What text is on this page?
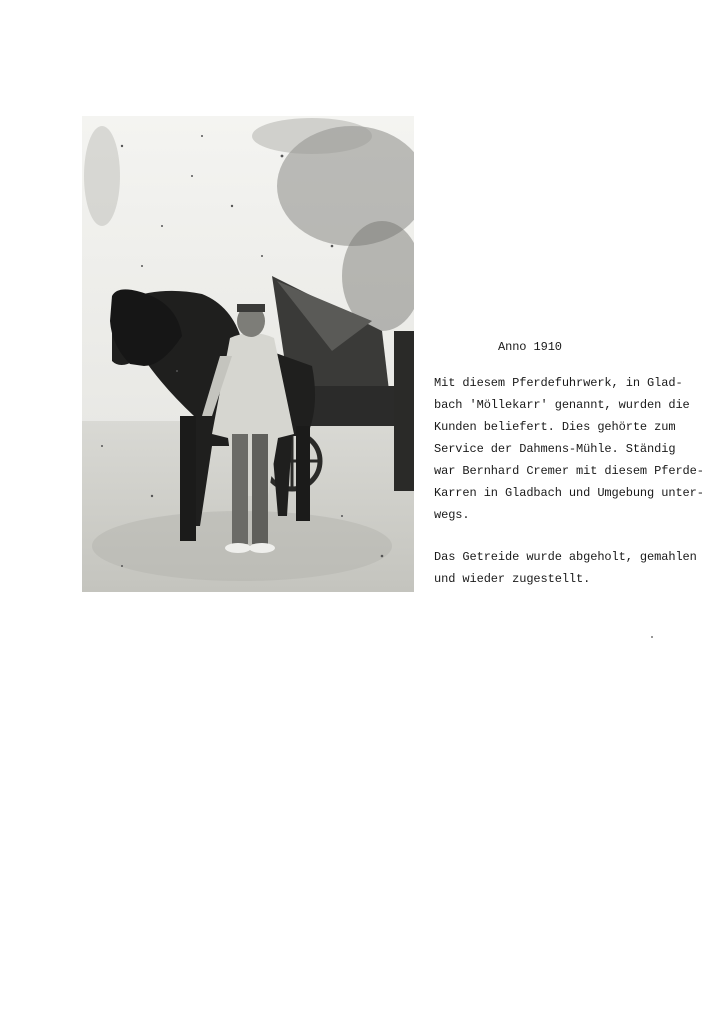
Anno 1910
Mit diesem Pferdefuhrwerk, in Glad-
bach 'Möllekarr' genannt, wurden die
Kunden beliefert. Dies gehörte zum
Service der Dahmens-Mühle. Ständig
war Bernhard Cremer mit diesem Pferde-
Karren in Gladbach und Umgebung unter-
wegs.
Das Getreide wurde abgeholt, gemahlen
und wieder zugestellt.
